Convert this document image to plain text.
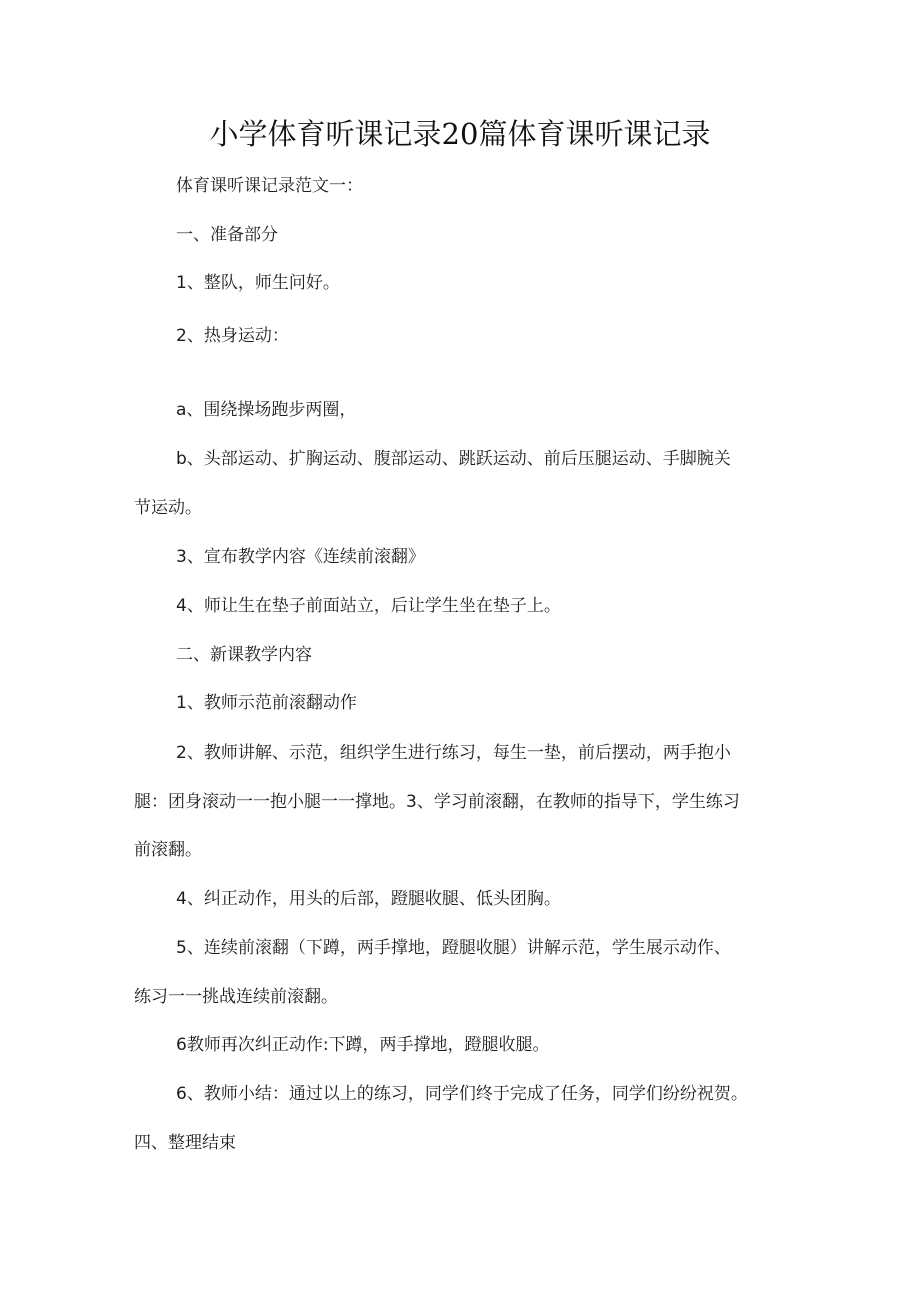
小学体育听课记录20篇体育课听课记录

体育课听课记录范文一：

一、准备部分

1、整队，师生问好。

2、热身运动：

a、围绕操场跑步两圈，

b、头部运动、扩胸运动、腹部运动、跳跃运动、前后压腿运动、手脚腕关

节运动。

3、宣布教学内容《连续前滚翻》

4、师让生在垫子前面站立，后让学生坐在垫子上。

二、新课教学内容

1、教师示范前滚翻动作

2、教师讲解、示范，组织学生进行练习，每生一垫，前后摆动，两手抱小

腿：团身滚动一一抱小腿一一撑地。3、学习前滚翻，在教师的指导下，学生练习

前滚翻。

4、纠正动作，用头的后部，蹬腿收腿、低头团胸。

5、连续前滚翻（下蹲，两手撑地，蹬腿收腿）讲解示范，学生展示动作、

练习一一挑战连续前滚翻。

6教师再次纠正动作:下蹲，两手撑地，蹬腿收腿。

6、教师小结：通过以上的练习，同学们终于完成了任务，同学们纷纷祝贺。

四、整理结束
